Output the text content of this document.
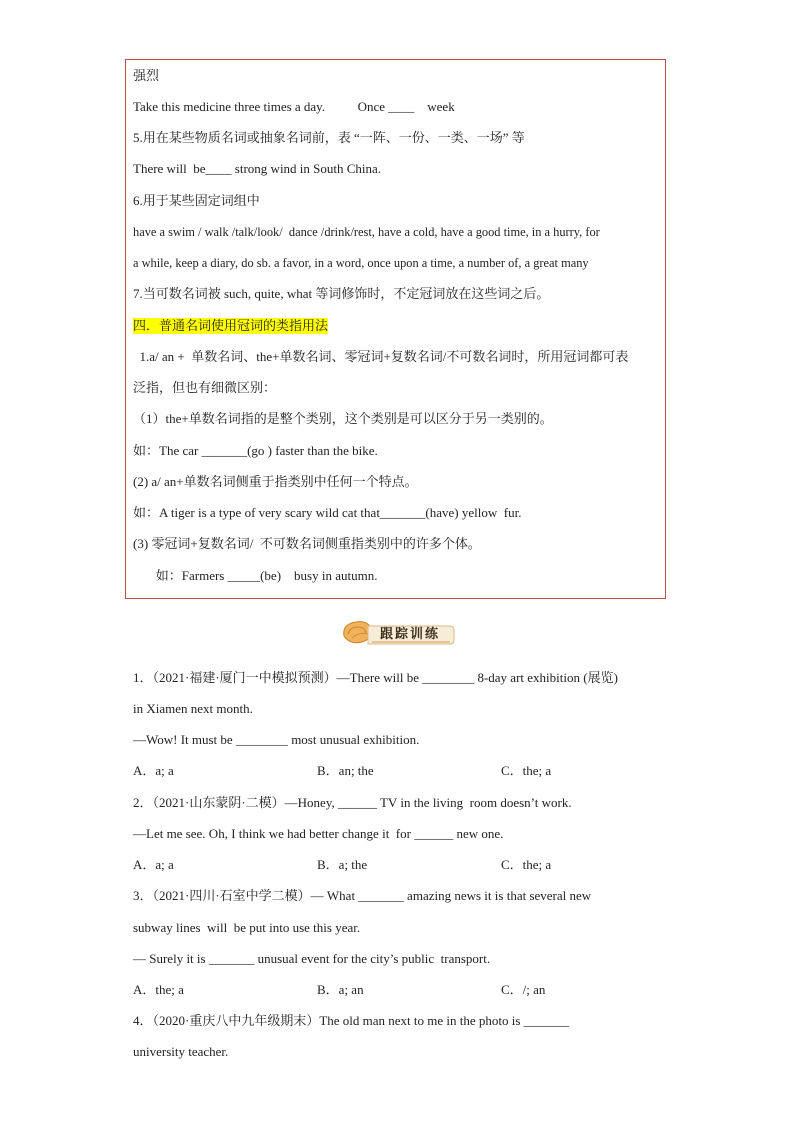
强烈
Take this medicine three times a day.          Once ____    week
5.用在某些物质名词或抽象名词前，表 “一阵、一份、一类、一场” 等
There will  be____ strong wind in South China.
6.用于某些固定词组中
have a swim / walk /talk/look/  dance /drink/rest, have a cold, have a good time, in a hurry, for
a while, keep a diary, do sb. a favor, in a word, once upon a time, a number of, a great many
7.当可数名词被 such, quite, what 等词修饰时，不定冠词放在这些词之后。
四．普通名词使用冠词的类指用法
1.a/ an +  单数名词、the+单数名词、零冠词+复数名词/不可数名词时，所用冠词都可表
泛指，但也有细微区别：
（1）the+单数名词指的是整个类别，这个类别是可以区分于另一类别的。
如：The car _______(go ) faster than the bike.
(2) a/ an+单数名词侧重于指类别中任何一个特点。
如：A tiger is a type of very scary wild cat that_______(have) yellow  fur.
(3) 零冠词+复数名词/  不可数名词侧重指类别中的许多个体。
如：Farmers _____(be)    busy in autumn.
跟踪训练
1．（2021·福建·厦门一中模拟预测）—There will be ________ 8-day art exhibition (展览)
in Xiamen next month.
—Wow! It must be ________ most unusual exhibition.
A．a; a	B．an; the	C．the; a
2．（2021·山东蒙阴·二模）—Honey, ______ TV in the living  room doesn’t work.
—Let me see. Oh, I think we had better change it  for ______ new one.
A．a; a	B．a; the	C．the; a
3．（2021·四川·石室中学二模）— What _______ amazing news it is that several new
subway lines  will  be put into use this year.
— Surely it is _______ unusual event for the city’s public  transport.
A．the; a	B．a; an	C．/; an
4．（2020·重庆八中九年级期末）The old man next to me in the photo is _______
university teacher.
